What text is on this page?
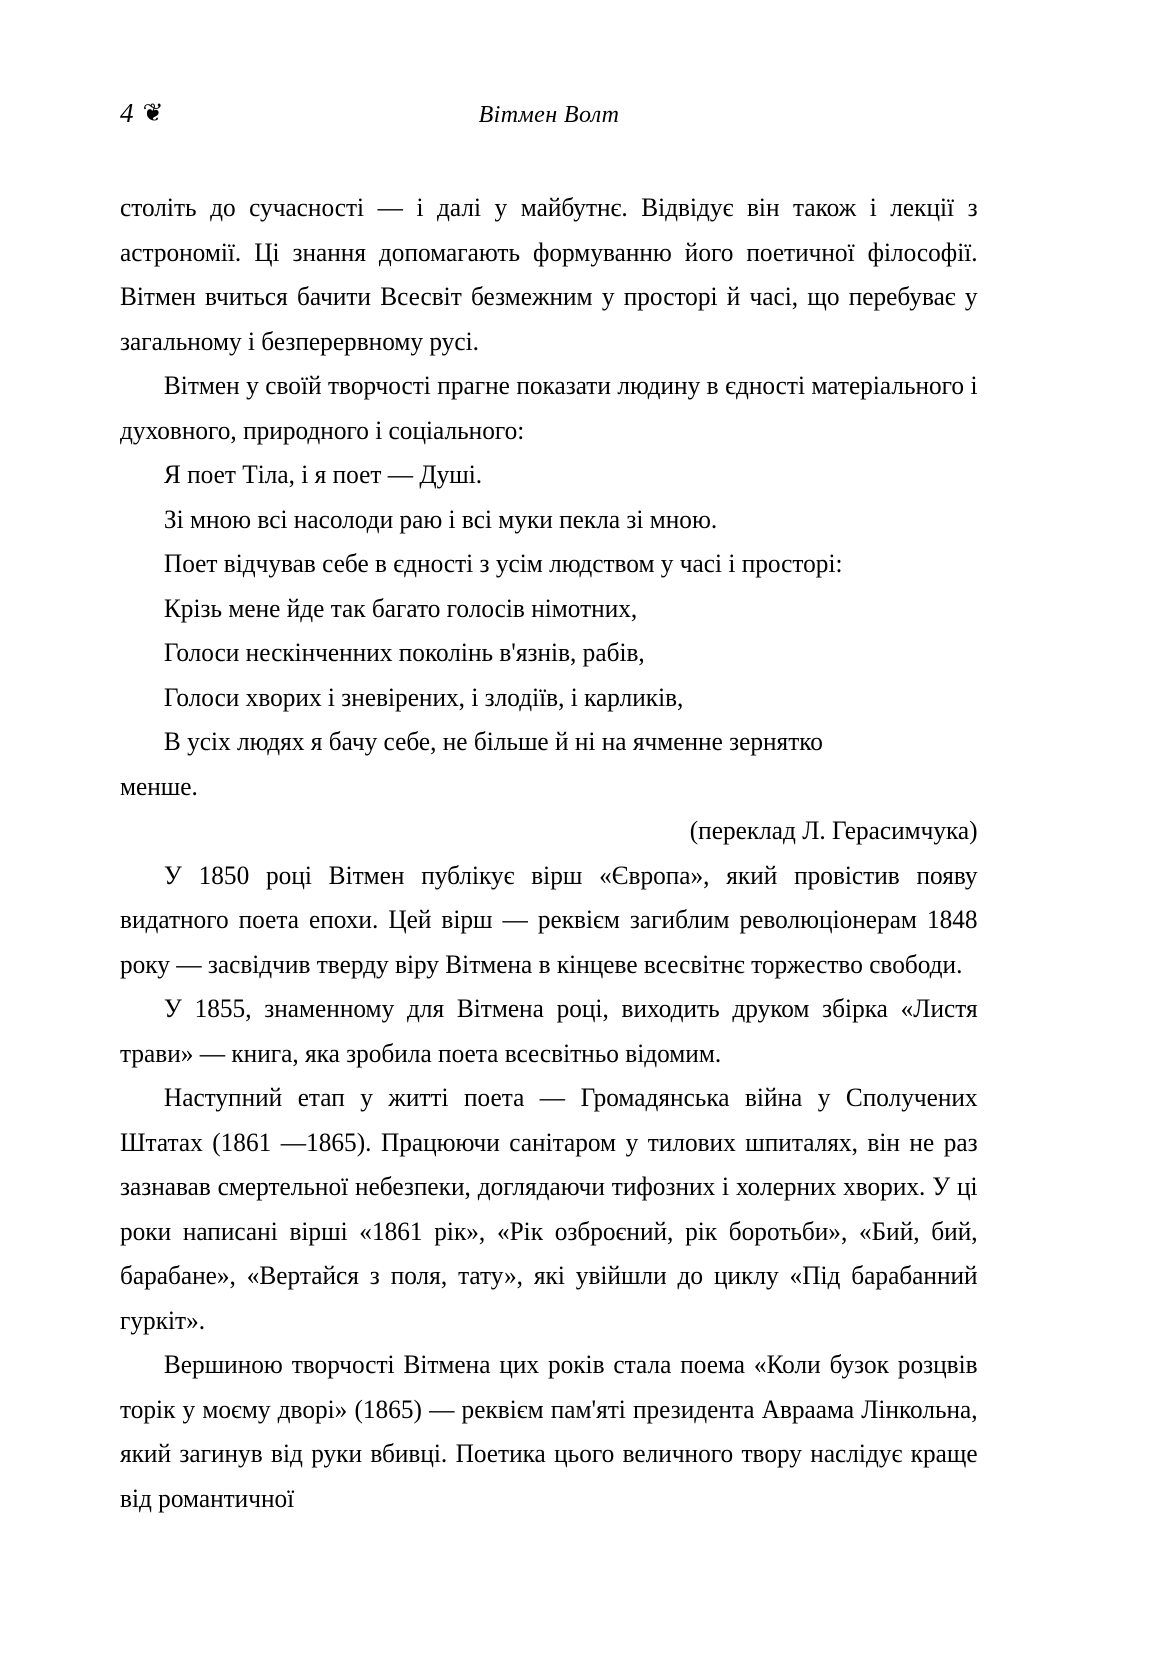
4 ❦	Вітмен Волт

століть до сучасності — і далі у майбутнє. Відвідує він також і лекції з астрономії. Ці знання допомагають формуванню його поетичної філософії. Вітмен вчиться бачити Всесвіт безмежним у просторі й часі, що перебуває у загальному і безперервному русі.

Вітмен у своїй творчості прагне показати людину в єдності матеріального і духовного, природного і соціального:

Я поет Тіла, і я поет — Душі.

Зі мною всі насолоди раю і всі муки пекла зі мною.

Поет відчував себе в єдності з усім людством у часі і просторі:

Крізь мене йде так багато голосів німотних,

Голоси нескінченних поколінь в'язнів, рабів,

Голоси хворих і зневірених, і злодіїв, і карликів,

В усіх людях я бачу себе, не більше й ні на ячменне зернятко

менше.

(переклад Л. Герасимчука)

У 1850 році Вітмен публікує вірш «Європа», який провістив появу видатного поета епохи. Цей вірш — реквієм загиблим революціонерам 1848 року — засвідчив тверду віру Вітмена в кінцеве всесвітнє торжество свободи.

У 1855, знаменному для Вітмена році, виходить друком збірка «Листя трави» — книга, яка зробила поета всесвітньо відомим.

Наступний етап у житті поета — Громадянська війна у Сполучених Штатах (1861 —1865). Працюючи санітаром у тилових шпиталях, він не раз зазнавав смертельної небезпеки, доглядаючи тифозних і холерних хворих. У ці роки написані вірші «1861 рік», «Рік озброєний, рік боротьби», «Бий, бий, барабане», «Вертайся з поля, тату», які увійшли до циклу «Під барабанний гуркіт».

Вершиною творчості Вітмена цих років стала поема «Коли бузок розцвів торік у моєму дворі» (1865) — реквієм пам'яті президента Авраама Лінкольна, який загинув від руки вбивці. Поетика цього величного твору наслідує краще від романтичної
